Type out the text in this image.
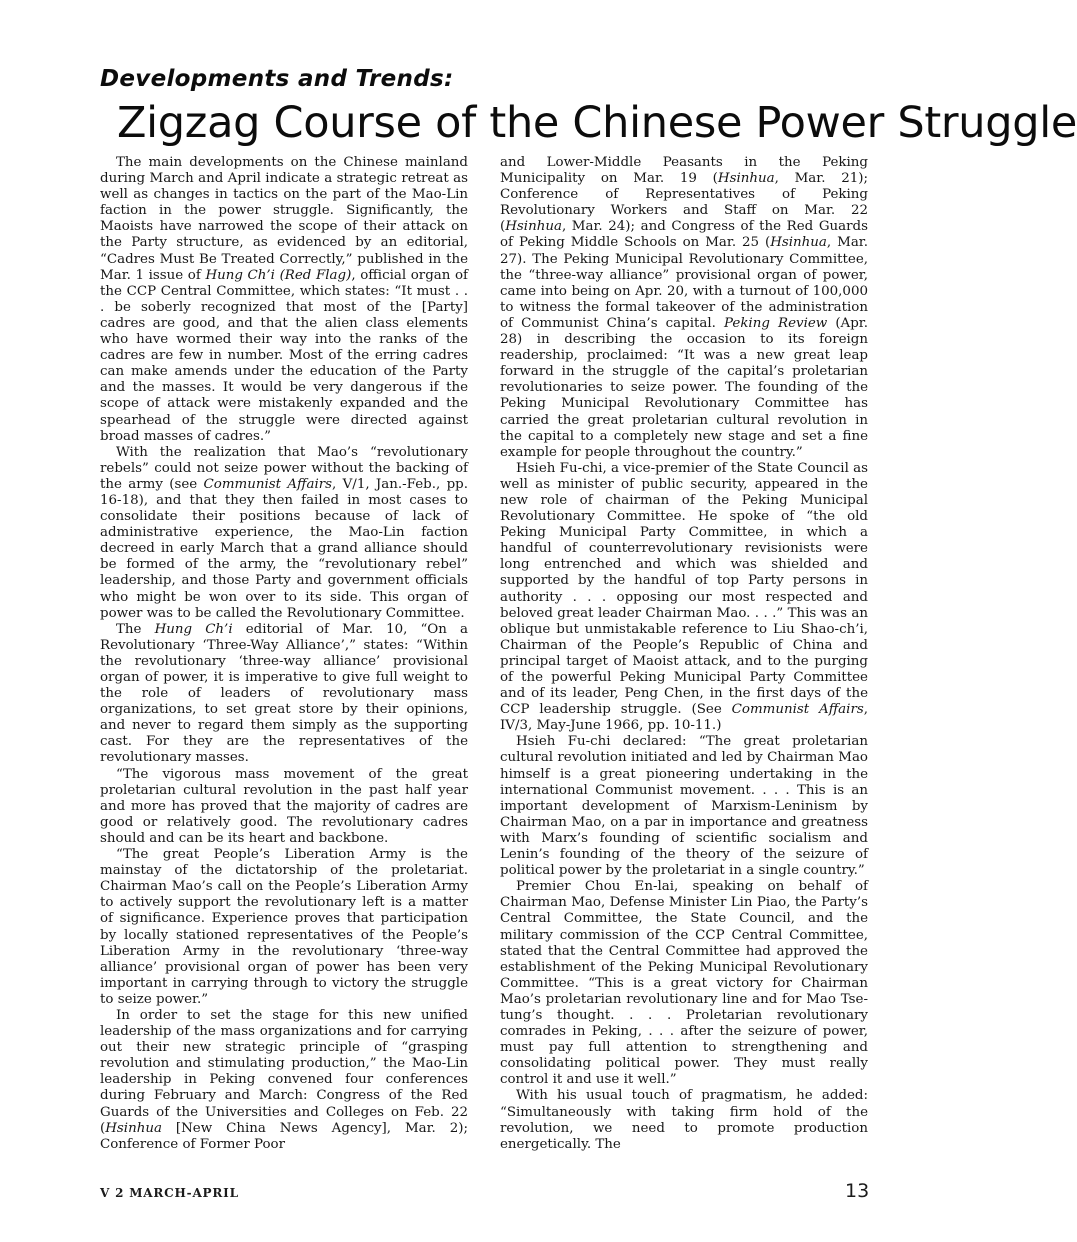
Developments and Trends:
Zigzag Course of the Chinese Power Struggle

The main developments on the Chinese mainland during March and April indicate a strategic retreat as well as changes in tactics on the part of the Mao-Lin faction in the power struggle. Significantly, the Maoists have narrowed the scope of their attack on the Party structure, as evidenced by an editorial, “Cadres Must Be Treated Correctly,” published in the Mar. 1 issue of Hung Ch’i (Red Flag), official organ of the CCP Central Committee, which states: “It must . . . be soberly recognized that most of the [Party] cadres are good, and that the alien class elements who have wormed their way into the ranks of the cadres are few in number. Most of the erring cadres can make amends under the education of the Party and the masses. It would be very dangerous if the scope of attack were mistakenly expanded and the spearhead of the struggle were directed against broad masses of cadres.”

With the realization that Mao’s “revolutionary rebels” could not seize power without the backing of the army (see Communist Affairs, V/1, Jan.-Feb., pp. 16-18), and that they then failed in most cases to consolidate their positions because of lack of administrative experience, the Mao-Lin faction decreed in early March that a grand alliance should be formed of the army, the “revolutionary rebel” leadership, and those Party and government officials who might be won over to its side. This organ of power was to be called the Revolutionary Committee.

The Hung Ch’i editorial of Mar. 10, “On a Revolutionary ‘Three-Way Alliance’,” states: “Within the revolutionary ‘three-way alliance’ provisional organ of power, it is imperative to give full weight to the role of leaders of revolutionary mass organizations, to set great store by their opinions, and never to regard them simply as the supporting cast. For they are the representatives of the revolutionary masses.

“The vigorous mass movement of the great proletarian cultural revolution in the past half year and more has proved that the majority of cadres are good or relatively good. The revolutionary cadres should and can be its heart and backbone.

“The great People’s Liberation Army is the mainstay of the dictatorship of the proletariat. Chairman Mao’s call on the People’s Liberation Army to actively support the revolutionary left is a matter of significance. Experience proves that participation by locally stationed representatives of the People’s Liberation Army in the revolutionary ‘three-way alliance’ provisional organ of power has been very important in carrying through to victory the struggle to seize power.”

In order to set the stage for this new unified leadership of the mass organizations and for carrying out their new strategic principle of “grasping revolution and stimulating production,” the Mao-Lin leadership in Peking convened four conferences during February and March: Congress of the Red Guards of the Universities and Colleges on Feb. 22 (Hsinhua [New China News Agency], Mar. 2); Conference of Former Poor

and Lower-Middle Peasants in the Peking Municipality on Mar. 19 (Hsinhua, Mar. 21); Conference of Representatives of Peking Revolutionary Workers and Staff on Mar. 22 (Hsinhua, Mar. 24); and Congress of the Red Guards of Peking Middle Schools on Mar. 25 (Hsinhua, Mar. 27). The Peking Municipal Revolutionary Committee, the “three-way alliance” provisional organ of power, came into being on Apr. 20, with a turnout of 100,000 to witness the formal takeover of the administration of Communist China’s capital. Peking Review (Apr. 28) in describing the occasion to its foreign readership, proclaimed: “It was a new great leap forward in the struggle of the capital’s proletarian revolutionaries to seize power. The founding of the Peking Municipal Revolutionary Committee has carried the great proletarian cultural revolution in the capital to a completely new stage and set a fine example for people throughout the country.”

Hsieh Fu-chi, a vice-premier of the State Council as well as minister of public security, appeared in the new role of chairman of the Peking Municipal Revolutionary Committee. He spoke of “the old Peking Municipal Party Committee, in which a handful of counterrevolutionary revisionists were long entrenched and which was shielded and supported by the handful of top Party persons in authority . . . opposing our most respected and beloved great leader Chairman Mao. . . .” This was an oblique but unmistakable reference to Liu Shao-ch’i, Chairman of the People’s Republic of China and principal target of Maoist attack, and to the purging of the powerful Peking Municipal Party Committee and of its leader, Peng Chen, in the first days of the CCP leadership struggle. (See Communist Affairs, IV/3, May-June 1966, pp. 10-11.)

Hsieh Fu-chi declared: “The great proletarian cultural revolution initiated and led by Chairman Mao himself is a great pioneering undertaking in the international Communist movement. . . . This is an important development of Marxism-Leninism by Chairman Mao, on a par in importance and greatness with Marx’s founding of scientific socialism and Lenin’s founding of the theory of the seizure of political power by the proletariat in a single country.”

Premier Chou En-lai, speaking on behalf of Chairman Mao, Defense Minister Lin Piao, the Party’s Central Committee, the State Council, and the military commission of the CCP Central Committee, stated that the Central Committee had approved the establishment of the Peking Municipal Revolutionary Committee. “This is a great victory for Chairman Mao’s proletarian revolutionary line and for Mao Tse-tung’s thought. . . . Proletarian revolutionary comrades in Peking, . . . after the seizure of power, must pay full attention to strengthening and consolidating political power. They must really control it and use it well.”

With his usual touch of pragmatism, he added: “Simultaneously with taking firm hold of the revolution, we need to promote production energetically. The

V 2 MARCH-APRIL	13
